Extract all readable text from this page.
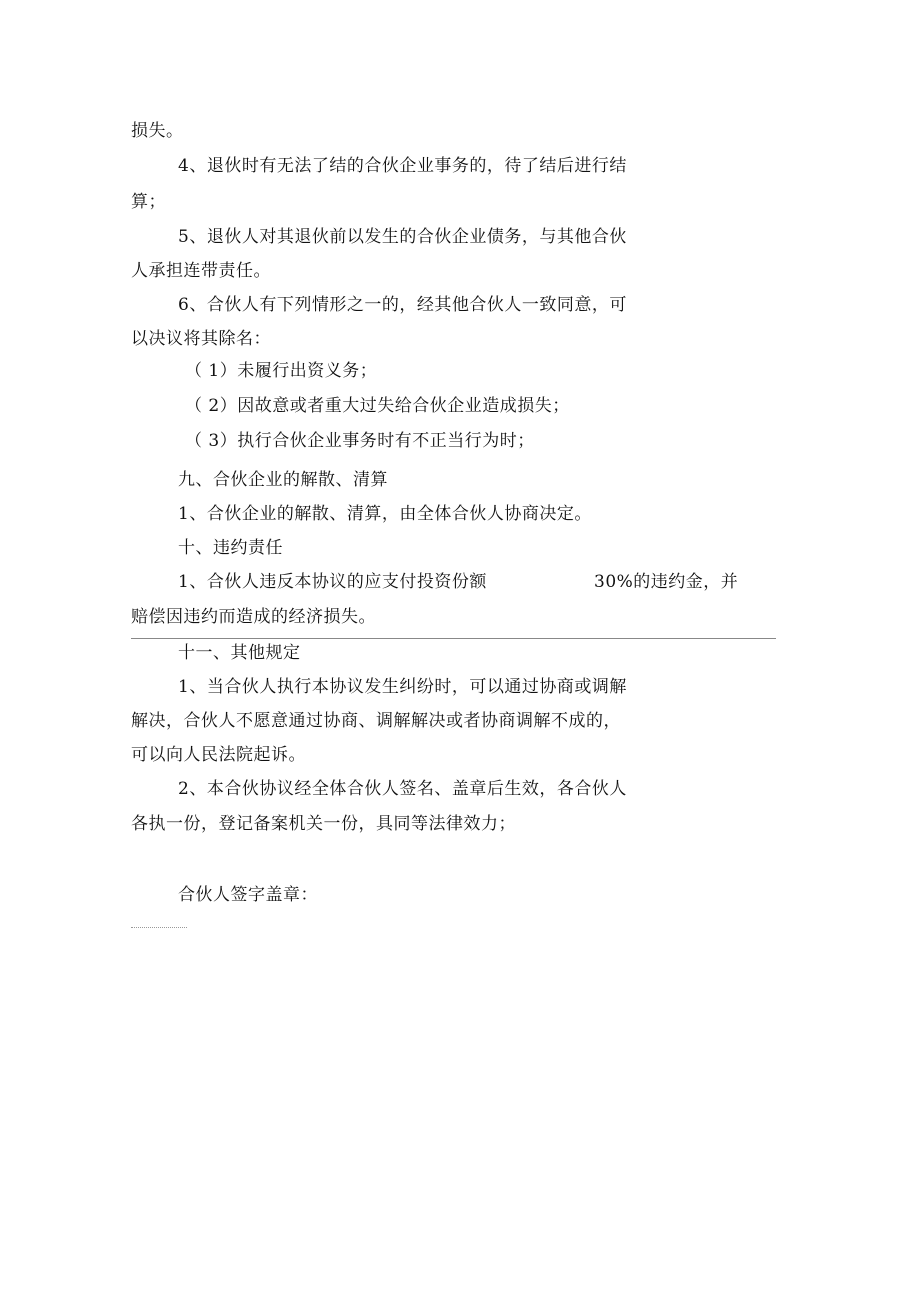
损失。
4、退伙时有无法了结的合伙企业事务的，待了结后进行结
算；
5、退伙人对其退伙前以发生的合伙企业债务，与其他合伙
人承担连带责任。
6、合伙人有下列情形之一的，经其他合伙人一致同意，可
以决议将其除名：
（ 1）未履行出资义务；
（ 2）因故意或者重大过失给合伙企业造成损失；
（ 3）执行合伙企业事务时有不正当行为时；
九、合伙企业的解散、清算
1、合伙企业的解散、清算，由全体合伙人协商决定。
十、违约责任
1、合伙人违反本协议的应支付投资份额	30%的违约金，并
赔偿因违约而造成的经济损失。
十一、其他规定
1、当合伙人执行本协议发生纠纷时，可以通过协商或调解
解决，合伙人不愿意通过协商、调解解决或者协商调解不成的，
可以向人民法院起诉。
2、本合伙协议经全体合伙人签名、盖章后生效，各合伙人
各执一份，登记备案机关一份，具同等法律效力；
合伙人签字盖章：
